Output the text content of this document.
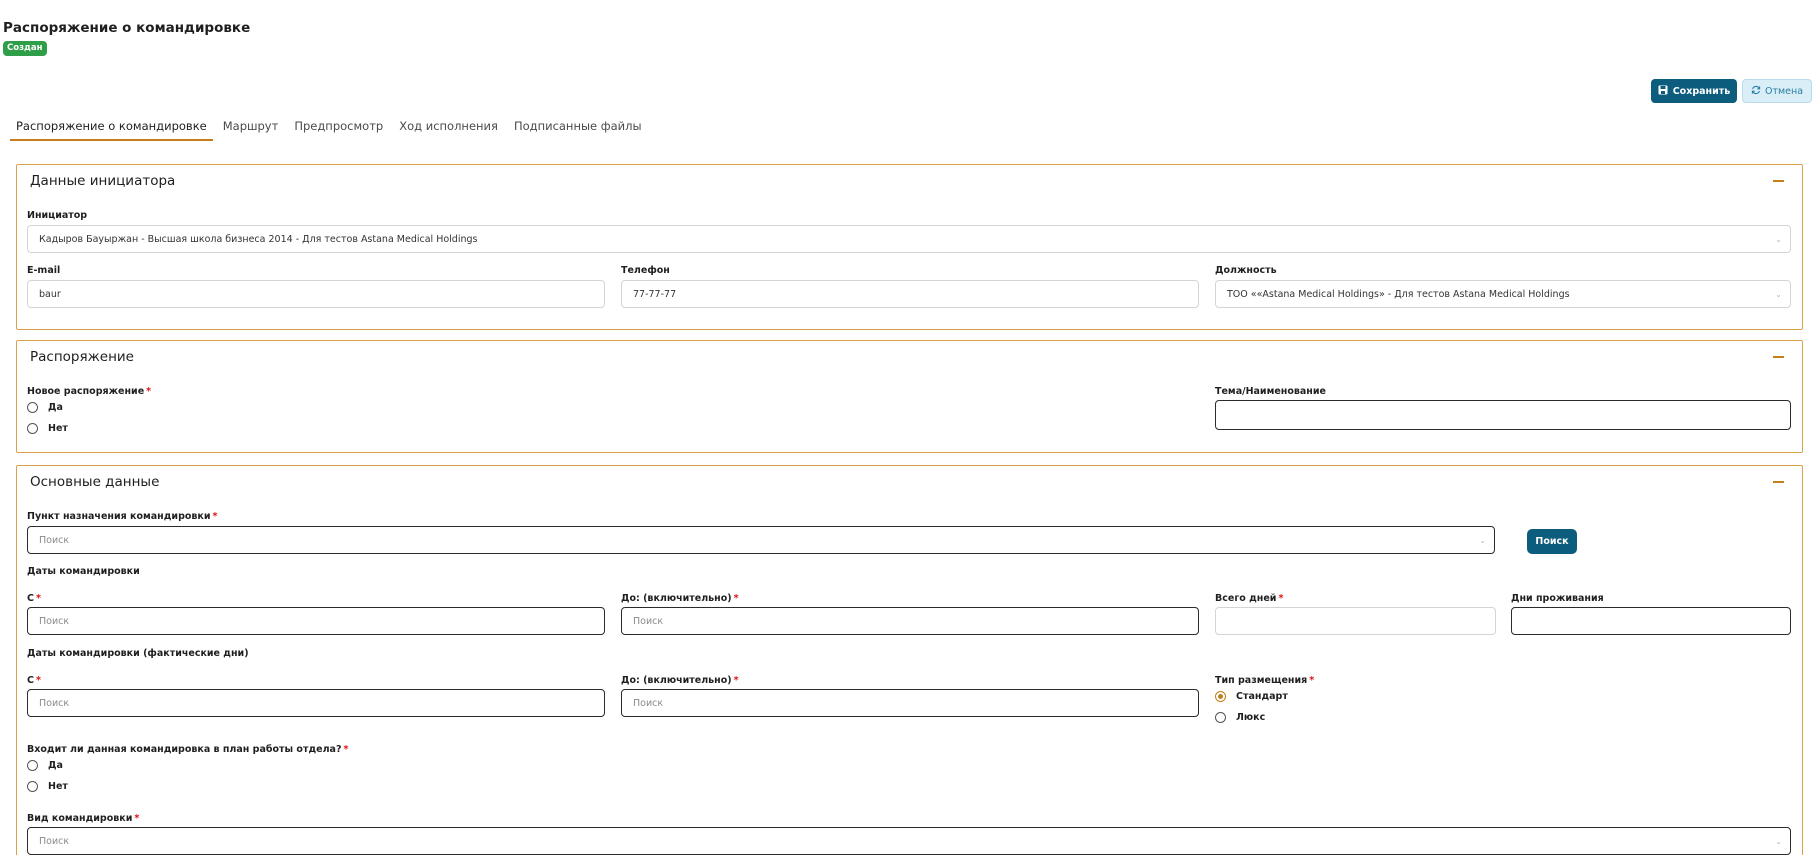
Распоряжение о командировке
Создан
Сохранить	Отмена
Распоряжение о командировке	Маршрут	Предпросмотр	Ход исполнения	Подписанные файлы
Данные инициатора
Инициатор
Кадыров Бауыржан - Высшая школа бизнеса 2014 - Для тестов Astana Medical Holdings	⌄
E-mail
baur
Телефон
77-77-77
Должность
ТОО ««Astana Medical Holdings» - Для тестов Astana Medical Holdings	⌄
Распоряжение
Новое распоряжение *
Да
Нет
Тема/Наименование
Основные данные
Пункт назначения командировки *
Поиск	⌄	Поиск
Даты командировки
С *
Поиск
До: (включительно) *
Поиск
Всего дней *	Дни проживания
Даты командировки (фактические дни)
С *
Поиск
До: (включительно) *
Поиск
Тип размещения *
Стандарт
Люкс
Входит ли данная командировка в план работы отдела? *
Да
Нет
Вид командировки *
Поиск	⌄
